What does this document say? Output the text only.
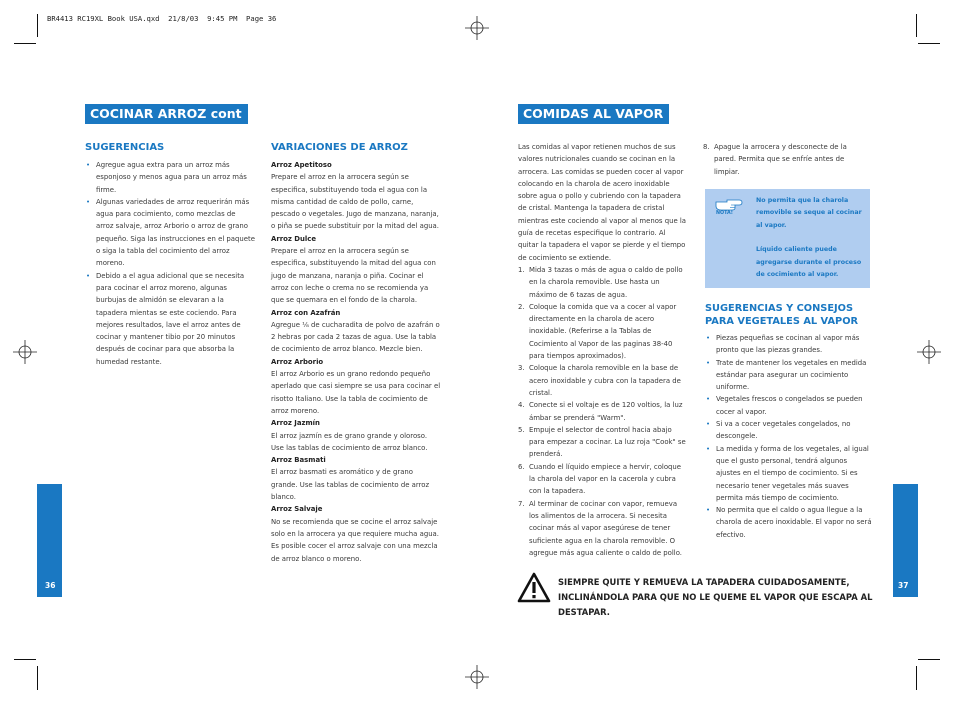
BR4413 RC19XL Book USA.qxd  21/8/03  9:45 PM  Page 36
COCINAR ARROZ cont
SUGERENCIAS
• Agregue agua extra para un arroz más esponjoso y menos agua para un arroz más firme.
• Algunas variedades de arroz requerirán más agua para cocimiento, como mezclas de arroz salvaje, arroz Arborio o arroz de grano pequeño. Siga las instrucciones en el paquete o siga la tabla del cocimiento del arroz moreno.
• Debido a el agua adicional que se necesita para cocinar el arroz moreno, algunas burbujas de almidón se elevaran a la tapadera mientas se este cociendo. Para mejores resultados, lave el arroz antes de cocinar y mantener tibio por 20 minutos después de cocinar para que absorba la humedad restante.
VARIACIONES DE ARROZ

Arroz Apetitoso

Prepare el arroz en la arrocera según se especifica, substituyendo toda el agua con la misma cantidad de caldo de pollo, carne, pescado o vegetales. Jugo de manzana, naranja, o piña se puede substituir por la mitad del agua.

Arroz Dulce

Prepare el arroz en la arrocera según se especifica, substituyendo la mitad del agua con jugo de manzana, naranja o piña. Cocinar el arroz con leche o crema no se recomienda ya que se quemara en el fondo de la charola.

Arroz con Azafrán

Agregue ¹⁄₈ de cucharadita de polvo de azafrán o 2 hebras por cada 2 tazas de agua. Use la tabla de cocimiento de arroz blanco. Mezcle bien.

Arroz Arborio

El arroz Arborio es un grano redondo pequeño aperlado que casi siempre se usa para cocinar el risotto Italiano. Use la tabla de cocimiento de arroz moreno.

Arroz Jazmín

El arroz jazmín es de grano grande y oloroso. Use las tablas de cocimiento de arroz blanco.

Arroz Basmati

El arroz basmati es aromático y de grano grande. Use las tablas de cocimiento de arroz blanco.

Arroz Salvaje

No se recomienda que se cocine el arroz salvaje solo en la arrocera ya que requiere mucha agua. Es posible cocer el arroz salvaje con una mezcla de arroz blanco o moreno.

36
COMIDAS AL VAPOR

Las comidas al vapor retienen muchos de sus valores nutricionales cuando se cocinan en la arrocera. Las comidas se pueden cocer al vapor colocando en la charola de acero inoxidable sobre agua o pollo y cubriendo con la tapadera de cristal. Mantenga la tapadera de cristal mientras este cociendo al vapor al menos que la guía de recetas especifique lo contrario. Al quitar la tapadera el vapor se pierde y el tiempo de cocimiento se extiende.

1. Mida 3 tazas o más de agua o caldo de pollo en la charola removible. Use hasta un máximo de 6 tazas de agua.
2. Coloque la comida que va a cocer al vapor directamente en la charola de acero inoxidable. (Referirse a la Tablas de Cocimiento al Vapor de las paginas 38-40 para tiempos aproximados).
3. Coloque la charola removible en la base de acero inoxidable y cubra con la tapadera de cristal.
4. Conecte si el voltaje es de 120 voltios, la luz ámbar se prenderá "Warm".
5. Empuje el selector de control hacia abajo para empezar a cocinar. La luz roja "Cook" se prenderá.
6. Cuando el líquido empiece a hervir, coloque la charola del vapor en la cacerola y cubra con la tapadera.
7. Al terminar de cocinar con vapor, remueva los alimentos de la arrocera. Si necesita cocinar más al vapor asegúrese de tener suficiente agua en la charola removible. O agregue más agua caliente o caldo de pollo.
8. Apague la arrocera y desconecte de la pared. Permita que se enfríe antes de limpiar.
NOTA!

No permita que la charola removible se seque al cocinar al vapor.

Líquido caliente puede agregarse durante el proceso de cocimiento al vapor.

SUGERENCIAS Y CONSEJOS PARA VEGETALES AL VAPOR
• Piezas pequeñas se cocinan al vapor más pronto que las piezas grandes.
• Trate de mantener los vegetales en medida estándar para asegurar un cocimiento uniforme.
• Vegetales frescos o congelados se pueden cocer al vapor.
• Si va a cocer vegetales congelados, no descongele.
• La medida y forma de los vegetales, al igual que el gusto personal, tendrá algunos ajustes en el tiempo de cocimiento. Si es necesario tener vegetales más suaves permita más tiempo de cocimiento.
• No permita que el caldo o agua llegue a la charola de acero inoxidable. El vapor no será efectivo.
SIEMPRE QUITE Y REMUEVA LA TAPADERA CUIDADOSAMENTE, INCLINÁNDOLA PARA QUE NO LE QUEME EL VAPOR QUE ESCAPA AL DESTAPAR.
37
